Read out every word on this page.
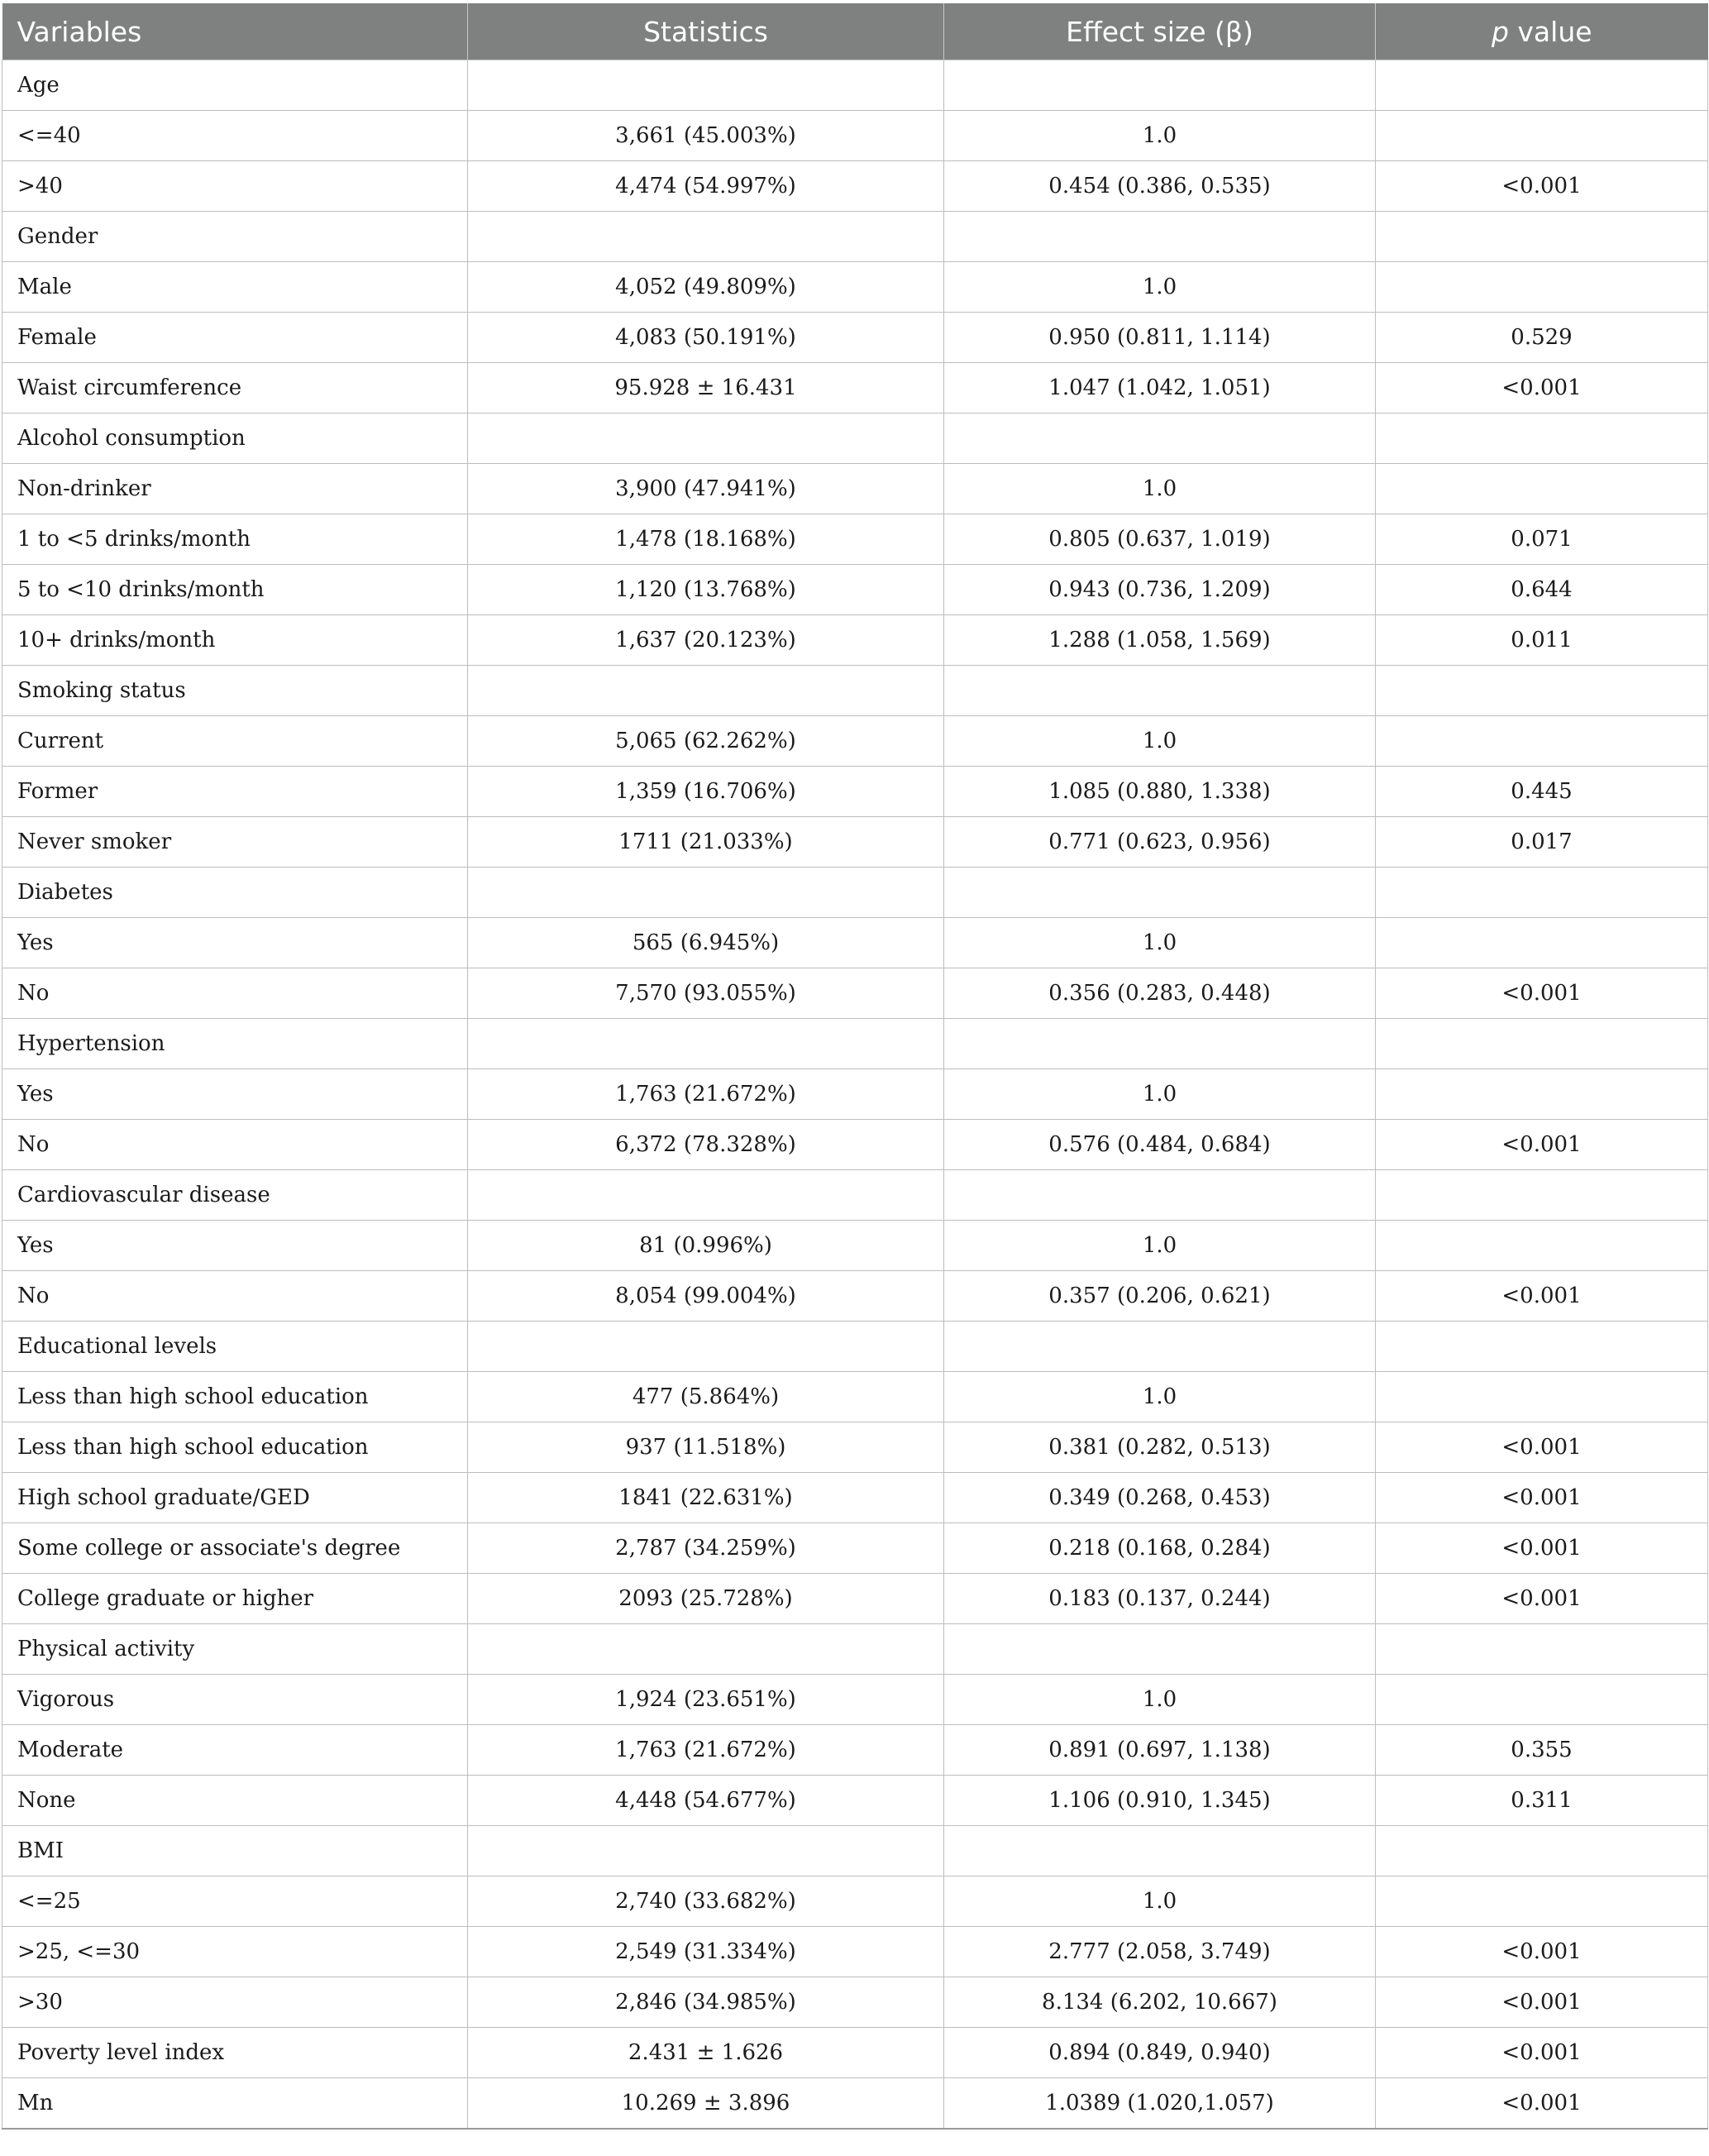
Variables	Statistics	Effect size (β)	p value
Age			
<=40	3,661 (45.003%)	1.0	
>40	4,474 (54.997%)	0.454 (0.386, 0.535)	<0.001
Gender			
Male	4,052 (49.809%)	1.0	
Female	4,083 (50.191%)	0.950 (0.811, 1.114)	0.529
Waist circumference	95.928 ± 16.431	1.047 (1.042, 1.051)	<0.001
Alcohol consumption			
Non-drinker	3,900 (47.941%)	1.0	
1 to <5 drinks/month	1,478 (18.168%)	0.805 (0.637, 1.019)	0.071
5 to <10 drinks/month	1,120 (13.768%)	0.943 (0.736, 1.209)	0.644
10+ drinks/month	1,637 (20.123%)	1.288 (1.058, 1.569)	0.011
Smoking status			
Current	5,065 (62.262%)	1.0	
Former	1,359 (16.706%)	1.085 (0.880, 1.338)	0.445
Never smoker	1711 (21.033%)	0.771 (0.623, 0.956)	0.017
Diabetes			
Yes	565 (6.945%)	1.0	
No	7,570 (93.055%)	0.356 (0.283, 0.448)	<0.001
Hypertension			
Yes	1,763 (21.672%)	1.0	
No	6,372 (78.328%)	0.576 (0.484, 0.684)	<0.001
Cardiovascular disease			
Yes	81 (0.996%)	1.0	
No	8,054 (99.004%)	0.357 (0.206, 0.621)	<0.001
Educational levels			
Less than high school education	477 (5.864%)	1.0	
Less than high school education	937 (11.518%)	0.381 (0.282, 0.513)	<0.001
High school graduate/GED	1841 (22.631%)	0.349 (0.268, 0.453)	<0.001
Some college or associate's degree	2,787 (34.259%)	0.218 (0.168, 0.284)	<0.001
College graduate or higher	2093 (25.728%)	0.183 (0.137, 0.244)	<0.001
Physical activity			
Vigorous	1,924 (23.651%)	1.0	
Moderate	1,763 (21.672%)	0.891 (0.697, 1.138)	0.355
None	4,448 (54.677%)	1.106 (0.910, 1.345)	0.311
BMI			
<=25	2,740 (33.682%)	1.0	
>25, <=30	2,549 (31.334%)	2.777 (2.058, 3.749)	<0.001
>30	2,846 (34.985%)	8.134 (6.202, 10.667)	<0.001
Poverty level index	2.431 ± 1.626	0.894 (0.849, 0.940)	<0.001
Mn	10.269 ± 3.896	1.0389 (1.020,1.057)	<0.001
